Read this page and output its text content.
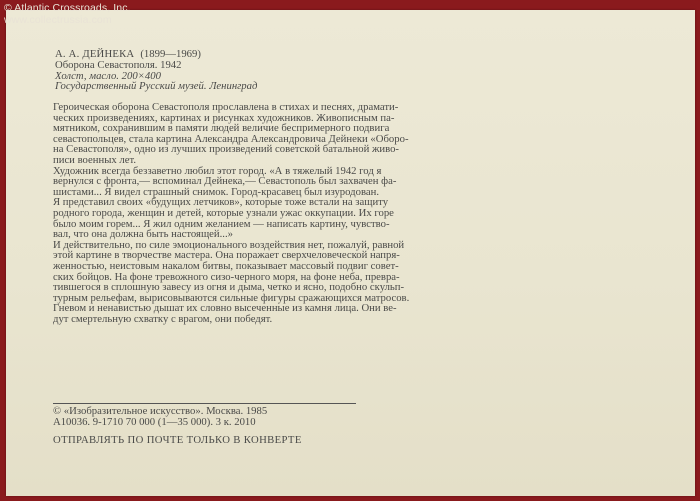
© Atlantic Crossroads, Inc.
www.collectrussia.com
А. А. ДЕЙНЕКА (1899—1969)
Оборона Севастополя. 1942
Холст, масло. 200×400
Государственный Русский музей. Ленинград
Героическая оборона Севастополя прославлена в стихах и песнях, драмати-
ческих произведениях, картинах и рисунках художников. Живописным па-
мятником, сохранившим в памяти людей величие беспримерного подвига
севастопольцев, стала картина Александра Александровича Дейнеки «Оборо-
на Севастополя», одно из лучших произведений советской батальной живо-
писи военных лет.
Художник всегда беззаветно любил этот город. «А в тяжелый 1942 год я
вернулся с фронта,— вспоминал Дейнека,— Севастополь был захвачен фа-
шистами... Я видел страшный снимок. Город-красавец был изуродован.
Я представил своих «будущих летчиков», которые тоже встали на защиту
родного города, женщин и детей, которые узнали ужас оккупации. Их горе
было моим горем... Я жил одним желанием — написать картину, чувство-
вал, что она должна быть настоящей...»
И действительно, по силе эмоционального воздействия нет, пожалуй, равной
этой картине в творчестве мастера. Она поражает сверхчеловеческой напря-
женностью, неистовым накалом битвы, показывает массовый подвиг совет-
ских бойцов. На фоне тревожного сизо-черного моря, на фоне неба, превра-
тившегося в сплошную завесу из огня и дыма, четко и ясно, подобно скульп-
турным рельефам, вырисовываются сильные фигуры сражающихся матросов.
Гневом и ненавистью дышат их словно высеченные из камня лица. Они ве-
дут смертельную схватку с врагом, они победят.
© «Изобразительное искусство». Москва. 1985
А10036. 9-1710 70 000 (1—35 000). 3 к. 2010
ОТПРАВЛЯТЬ ПО ПОЧТЕ ТОЛЬКО В КОНВЕРТЕ
